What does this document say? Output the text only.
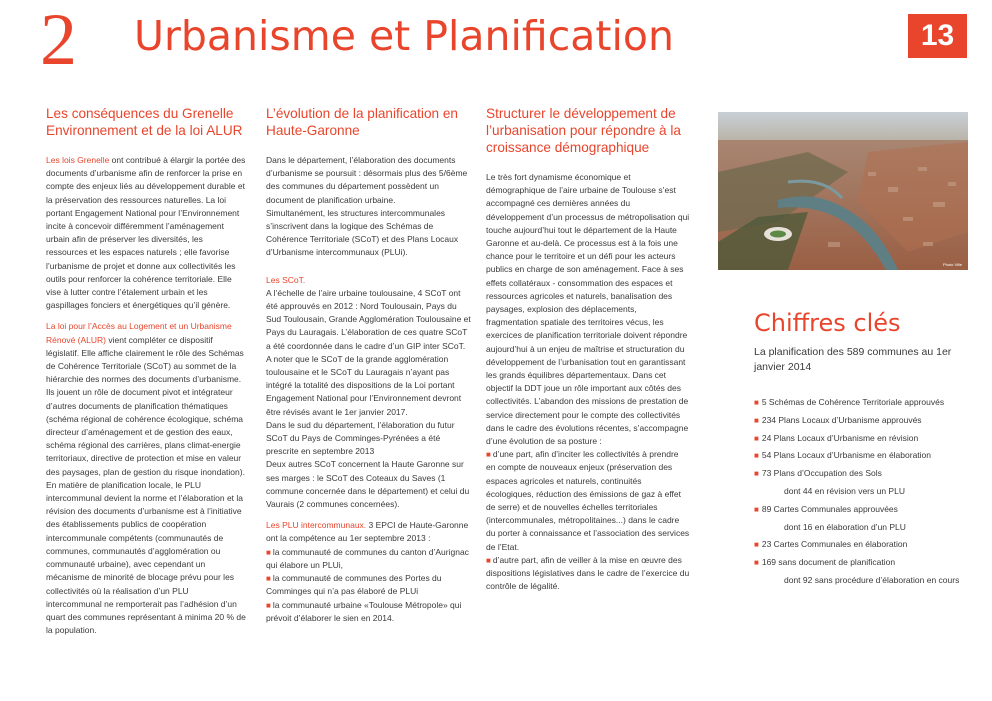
2 Urbanisme et Planification	13
Les conséquences du Grenelle Environnement et de la loi ALUR

Les lois Grenelle ont contribué à élargir la portée des documents d’urbanisme afin de renforcer la prise en compte des enjeux liés au développement durable et la préservation des ressources naturelles. La loi portant Engagement National pour l’Environnement incite à concevoir différemment l’aménagement urbain afin de préserver les diversités, les ressources et les espaces naturels ; elle favorise l’urbanisme de projet et donne aux collectivités les outils pour renforcer la cohérence territoriale. Elle vise à lutter contre l’étalement urbain et les gaspillages fonciers et énergétiques qu’il génère.

La loi pour l’Accès au Logement et un Urbanisme Rénové (ALUR) vient compléter ce dispositif législatif. Elle affiche clairement le rôle des Schémas de Cohérence Territoriale (SCoT) au sommet de la hiérarchie des normes des documents d’urbanisme. Ils jouent un rôle de document pivot et intégrateur d’autres documents de planification thématiques (schéma régional de cohérence écologique, schéma directeur d’aménagement et de gestion des eaux, schéma régional des carrières, plans climat-energie territoriaux, directive de protection et mise en valeur des paysages, plan de gestion du risque inondation). En matière de planification locale, le PLU intercommunal devient la norme et l’élaboration et la révision des documents d’urbanisme est à l’initiative des établissements publics de coopération intercommunale compétents (communautés de communes, communautés d’agglomération ou communauté urbaine), avec cependant un mécanisme de minorité de blocage prévu pour les collectivités où la réalisation d’un PLU intercommunal ne remporterait pas l’adhésion d’un quart des communes représentant à minima 20 % de la population.

L’évolution de la planification en Haute-Garonne

Dans le département, l’élaboration des documents d’urbanisme se poursuit : désormais plus des 5/6ème des communes du département possèdent un document de planification urbaine.

Simultanément, les structures intercommunales s’inscrivent dans la logique des Schémas de Cohérence Territoriale (SCoT) et des Plans Locaux d’Urbanisme intercommunaux (PLUi).

Les SCoT.

A l’échelle de l’aire urbaine toulousaine, 4 SCoT ont été approuvés en 2012 : Nord Toulousain, Pays du Sud Toulousain, Grande Agglomération Toulousaine et Pays du Lauragais. L’élaboration de ces quatre SCoT a été coordonnée dans le cadre d’un GIP inter SCoT. A noter que le SCoT de la grande agglomération toulousaine et le SCoT du Lauragais n’ayant pas intégré la totalité des dispositions de la Loi portant Engagement National pour l’Environnement devront être révisés avant le 1er janvier 2017.

Dans le sud du département, l’élaboration du futur SCoT du Pays de Comminges-Pyrénées a été prescrite en septembre 2013

Deux autres SCoT concernent la Haute Garonne sur ses marges : le SCoT des Coteaux du Saves (1 commune concernée dans le département) et celui du Vaurais (2 communes concernées).

Les PLU intercommunaux. 3 EPCI de Haute-Garonne ont la compétence au 1er septembre 2013 :

■ la communauté de communes du canton d’Aurignac qui élabore un PLUi,
■ la communauté de communes des Portes du Comminges qui n’a pas élaboré de PLUi
■ la communauté urbaine «Toulouse Métropole» qui prévoit d’élaborer le sien en 2014.
Structurer le développement de l’urbanisation pour répondre à la croissance démographique

Le très fort dynamisme économique et démographique de l’aire urbaine de Toulouse s’est accompagné ces dernières années du développement d’un processus de métropolisation qui touche aujourd’hui tout le département de la Haute Garonne et au-delà. Ce processus est à la fois une chance pour le territoire et un défi pour les acteurs publics en charge de son aménagement. Face à ses effets collatéraux - consommation des espaces et ressources agricoles et naturels, banalisation des paysages, explosion des déplacements, fragmentation spatiale des territoires vécus, les exercices de planification territoriale doivent répondre aujourd’hui à un enjeu de maîtrise et structuration du développement de l’urbanisation tout en garantissant les grands équilibres départementaux. Dans cet objectif la DDT joue un rôle important aux côtés des collectivités. L’abandon des missions de prestation de service directement pour le compte des collectivités dans le cadre des évolutions récentes, s’accompagne d’une évolution de sa posture :

■ d’une part, afin d’inciter les collectivités à prendre en compte de nouveaux enjeux (préservation des espaces agricoles et naturels, continuités écologiques, réduction des émissions de gaz à effet de serre) et de nouvelles échelles territoriales (intercommunales, métropolitaines...) dans le cadre du porter à connaissance et l’association des services de l’Etat.
■ d’autre part, afin de veiller à la mise en œuvre des dispositions législatives dans le cadre de l’exercice du contrôle de légalité.
Photo Ville
Chiffres clés
La planification des 589 communes au 1er janvier 2014
■ 5 Schémas de Cohérence Territoriale approuvés
■ 234 Plans Locaux d’Urbanisme approuvés
■ 24 Plans Locaux d’Urbanisme en révision
■ 54 Plans Locaux d’Urbanisme en élaboration
■ 73 Plans d’Occupation des Sols
dont 44 en révision vers un PLU
■ 89 Cartes Communales approuvées
dont 16 en élaboration d’un PLU
■ 23 Cartes Communales en élaboration
■ 169 sans document de planification
dont 92 sans procédure d’élaboration en cours
